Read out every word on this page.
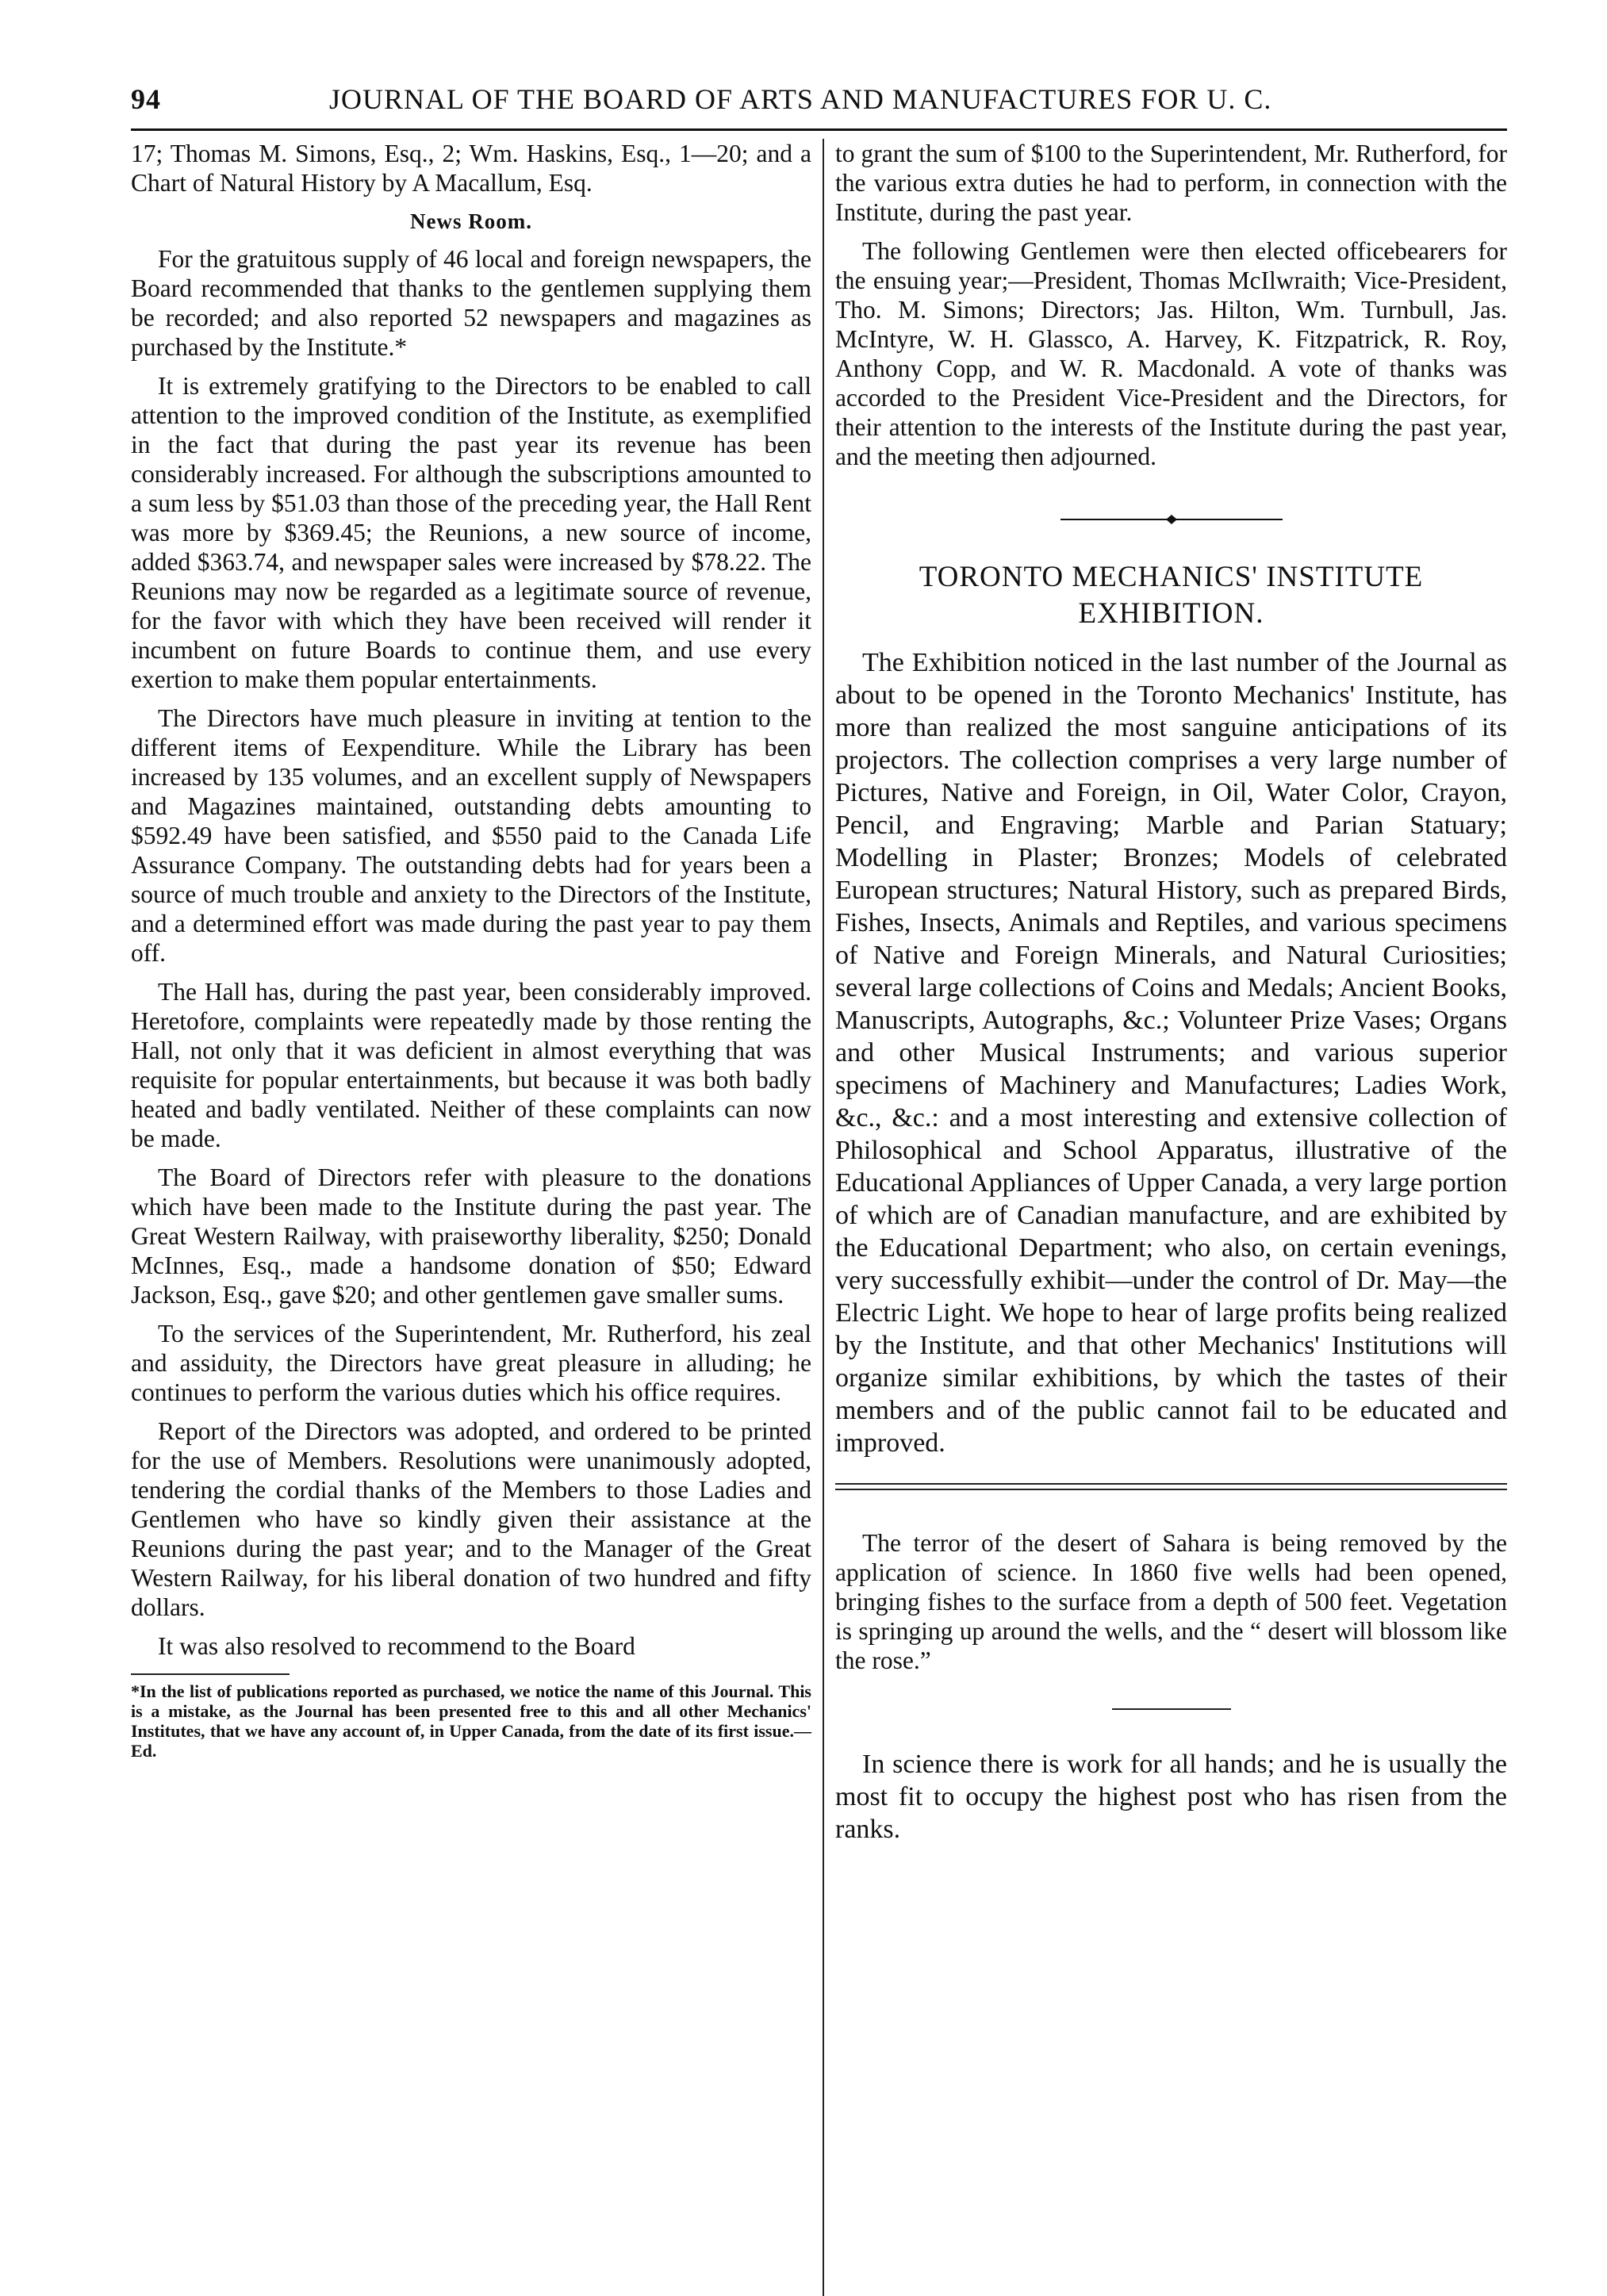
94	JOURNAL OF THE BOARD OF ARTS AND MANUFACTURES FOR U. C.

17; Thomas M. Simons, Esq., 2; Wm. Haskins, Esq., 1—20; and a Chart of Natural History by A Macallum, Esq.

News Room.

For the gratuitous supply of 46 local and foreign newspapers, the Board recommended that thanks to the gentlemen supplying them be recorded; and also reported 52 newspapers and magazines as purchased by the Institute.*

It is extremely gratifying to the Directors to be enabled to call attention to the improved condition of the Institute, as exemplified in the fact that during the past year its revenue has been considerably increased. For although the subscriptions amounted to a sum less by $51.03 than those of the preceding year, the Hall Rent was more by $369.45; the Reunions, a new source of income, added $363.74, and newspaper sales were increased by $78.22. The Reunions may now be regarded as a legitimate source of revenue, for the favor with which they have been received will render it incumbent on future Boards to continue them, and use every exertion to make them popular entertainments.

The Directors have much pleasure in inviting at tention to the different items of Eexpenditure. While the Library has been increased by 135 volumes, and an excellent supply of Newspapers and Magazines maintained, outstanding debts amounting to $592.49 have been satisfied, and $550 paid to the Canada Life Assurance Company. The outstanding debts had for years been a source of much trouble and anxiety to the Directors of the Institute, and a determined effort was made during the past year to pay them off.

The Hall has, during the past year, been considerably improved. Heretofore, complaints were repeatedly made by those renting the Hall, not only that it was deficient in almost everything that was requisite for popular entertainments, but because it was both badly heated and badly ventilated. Neither of these complaints can now be made.

The Board of Directors refer with pleasure to the donations which have been made to the Institute during the past year. The Great Western Railway, with praiseworthy liberality, $250; Donald McInnes, Esq., made a handsome donation of $50; Edward Jackson, Esq., gave $20; and other gentlemen gave smaller sums.

To the services of the Superintendent, Mr. Rutherford, his zeal and assiduity, the Directors have great pleasure in alluding; he continues to perform the various duties which his office requires.

Report of the Directors was adopted, and ordered to be printed for the use of Members. Resolutions were unanimously adopted, tendering the cordial thanks of the Members to those Ladies and Gentlemen who have so kindly given their assistance at the Reunions during the past year; and to the Manager of the Great Western Railway, for his liberal donation of two hundred and fifty dollars.

It was also resolved to recommend to the Board

*In the list of publications reported as purchased, we notice the name of this Journal. This is a mistake, as the Journal has been presented free to this and all other Mechanics' Institutes, that we have any account of, in Upper Canada, from the date of its first issue.—Ed.

to grant the sum of $100 to the Superintendent, Mr. Rutherford, for the various extra duties he had to perform, in connection with the Institute, during the past year.

The following Gentlemen were then elected officebearers for the ensuing year;—President, Thomas McIlwraith; Vice-President, Tho. M. Simons; Directors; Jas. Hilton, Wm. Turnbull, Jas. McIntyre, W. H. Glassco, A. Harvey, K. Fitzpatrick, R. Roy, Anthony Copp, and W. R. Macdonald. A vote of thanks was accorded to the President Vice-President and the Directors, for their attention to the interests of the Institute during the past year, and the meeting then adjourned.

TORONTO MECHANICS' INSTITUTE
EXHIBITION.

The Exhibition noticed in the last number of the Journal as about to be opened in the Toronto Mechanics' Institute, has more than realized the most sanguine anticipations of its projectors. The collection comprises a very large number of Pictures, Native and Foreign, in Oil, Water Color, Crayon, Pencil, and Engraving; Marble and Parian Statuary; Modelling in Plaster; Bronzes; Models of celebrated European structures; Natural History, such as prepared Birds, Fishes, Insects, Animals and Reptiles, and various specimens of Native and Foreign Minerals, and Natural Curiosities; several large collections of Coins and Medals; Ancient Books, Manuscripts, Autographs, &c.; Volunteer Prize Vases; Organs and other Musical Instruments; and various superior specimens of Machinery and Manufactures; Ladies Work, &c., &c.: and a most interesting and extensive collection of Philosophical and School Apparatus, illustrative of the Educational Appliances of Upper Canada, a very large portion of which are of Canadian manufacture, and are exhibited by the Educational Department; who also, on certain evenings, very successfully exhibit—under the control of Dr. May—the Electric Light. We hope to hear of large profits being realized by the Institute, and that other Mechanics' Institutions will organize similar exhibitions, by which the tastes of their members and of the public cannot fail to be educated and improved.

The terror of the desert of Sahara is being removed by the application of science. In 1860 five wells had been opened, bringing fishes to the surface from a depth of 500 feet. Vegetation is springing up around the wells, and the “ desert will blossom like the rose.”

In science there is work for all hands; and he is usually the most fit to occupy the highest post who has risen from the ranks.
